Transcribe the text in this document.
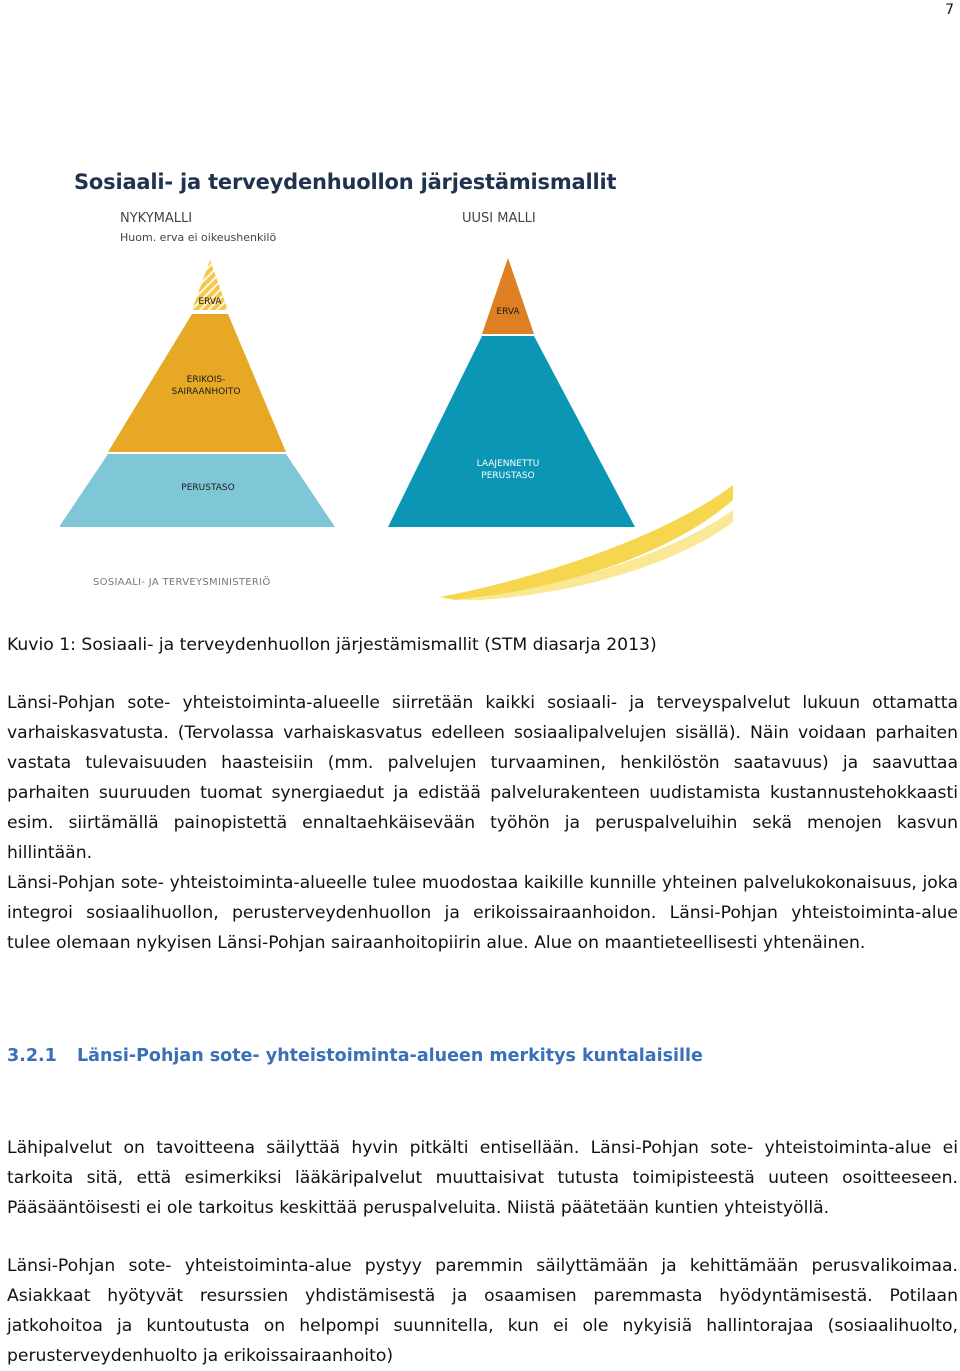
7
Sosiaali- ja terveydenhuollon järjestämismallit
NYKYMALLI
Huom. erva ei oikeushenkilö
UUSI MALLI
ERVA
ERIKOIS-
SAIRAANHOITO
PERUSTASO
ERVA
LAAJENNETTU
PERUSTASO
SOSIAALI- JA TERVEYSMINISTERIÖ
Kuvio 1: Sosiaali- ja terveydenhuollon järjestämismallit (STM diasarja 2013)
Länsi-Pohjan sote- yhteistoiminta-alueelle siirretään kaikki sosiaali- ja terveyspalvelut lukuun ottamatta varhaiskasvatusta. (Tervolassa varhaiskasvatus edelleen sosiaalipalvelujen sisällä). Näin voidaan parhaiten vastata tulevaisuuden haasteisiin (mm. palvelujen turvaaminen, henkilöstön saatavuus) ja saavuttaa parhaiten suuruuden tuomat synergiaedut ja edistää palvelurakenteen uudistamista kustannustehokkaasti esim. siirtämällä painopistettä ennaltaehkäisevään työhön ja peruspalveluihin sekä menojen kasvun hillintään.
Länsi-Pohjan sote- yhteistoiminta-alueelle tulee muodostaa kaikille kunnille yhteinen palvelukokonaisuus, joka integroi sosiaalihuollon, perusterveydenhuollon ja erikoissairaanhoidon. Länsi-Pohjan yhteistoiminta-alue tulee olemaan nykyisen Länsi-Pohjan sairaanhoitopiirin alue. Alue on maantieteellisesti yhtenäinen.
3.2.1 Länsi-Pohjan sote- yhteistoiminta-alueen merkitys kuntalaisille
Lähipalvelut on tavoitteena säilyttää hyvin pitkälti entisellään. Länsi-Pohjan sote- yhteistoiminta-alue ei tarkoita sitä, että esimerkiksi lääkäripalvelut muuttaisivat tutusta toimipisteestä uuteen osoitteeseen. Pääsääntöisesti ei ole tarkoitus keskittää peruspalveluita. Niistä päätetään kuntien yhteistyöllä.
Länsi-Pohjan sote- yhteistoiminta-alue pystyy paremmin säilyttämään ja kehittämään perusvalikoimaa. Asiakkaat hyötyvät resurssien yhdistämisestä ja osaamisen paremmasta hyödyntämisestä. Potilaan jatkohoitoa ja kuntoutusta on helpompi suunnitella, kun ei ole nykyisiä hallintorajaa (sosiaalihuolto, perusterveydenhuolto ja erikoissairaanhoito)
